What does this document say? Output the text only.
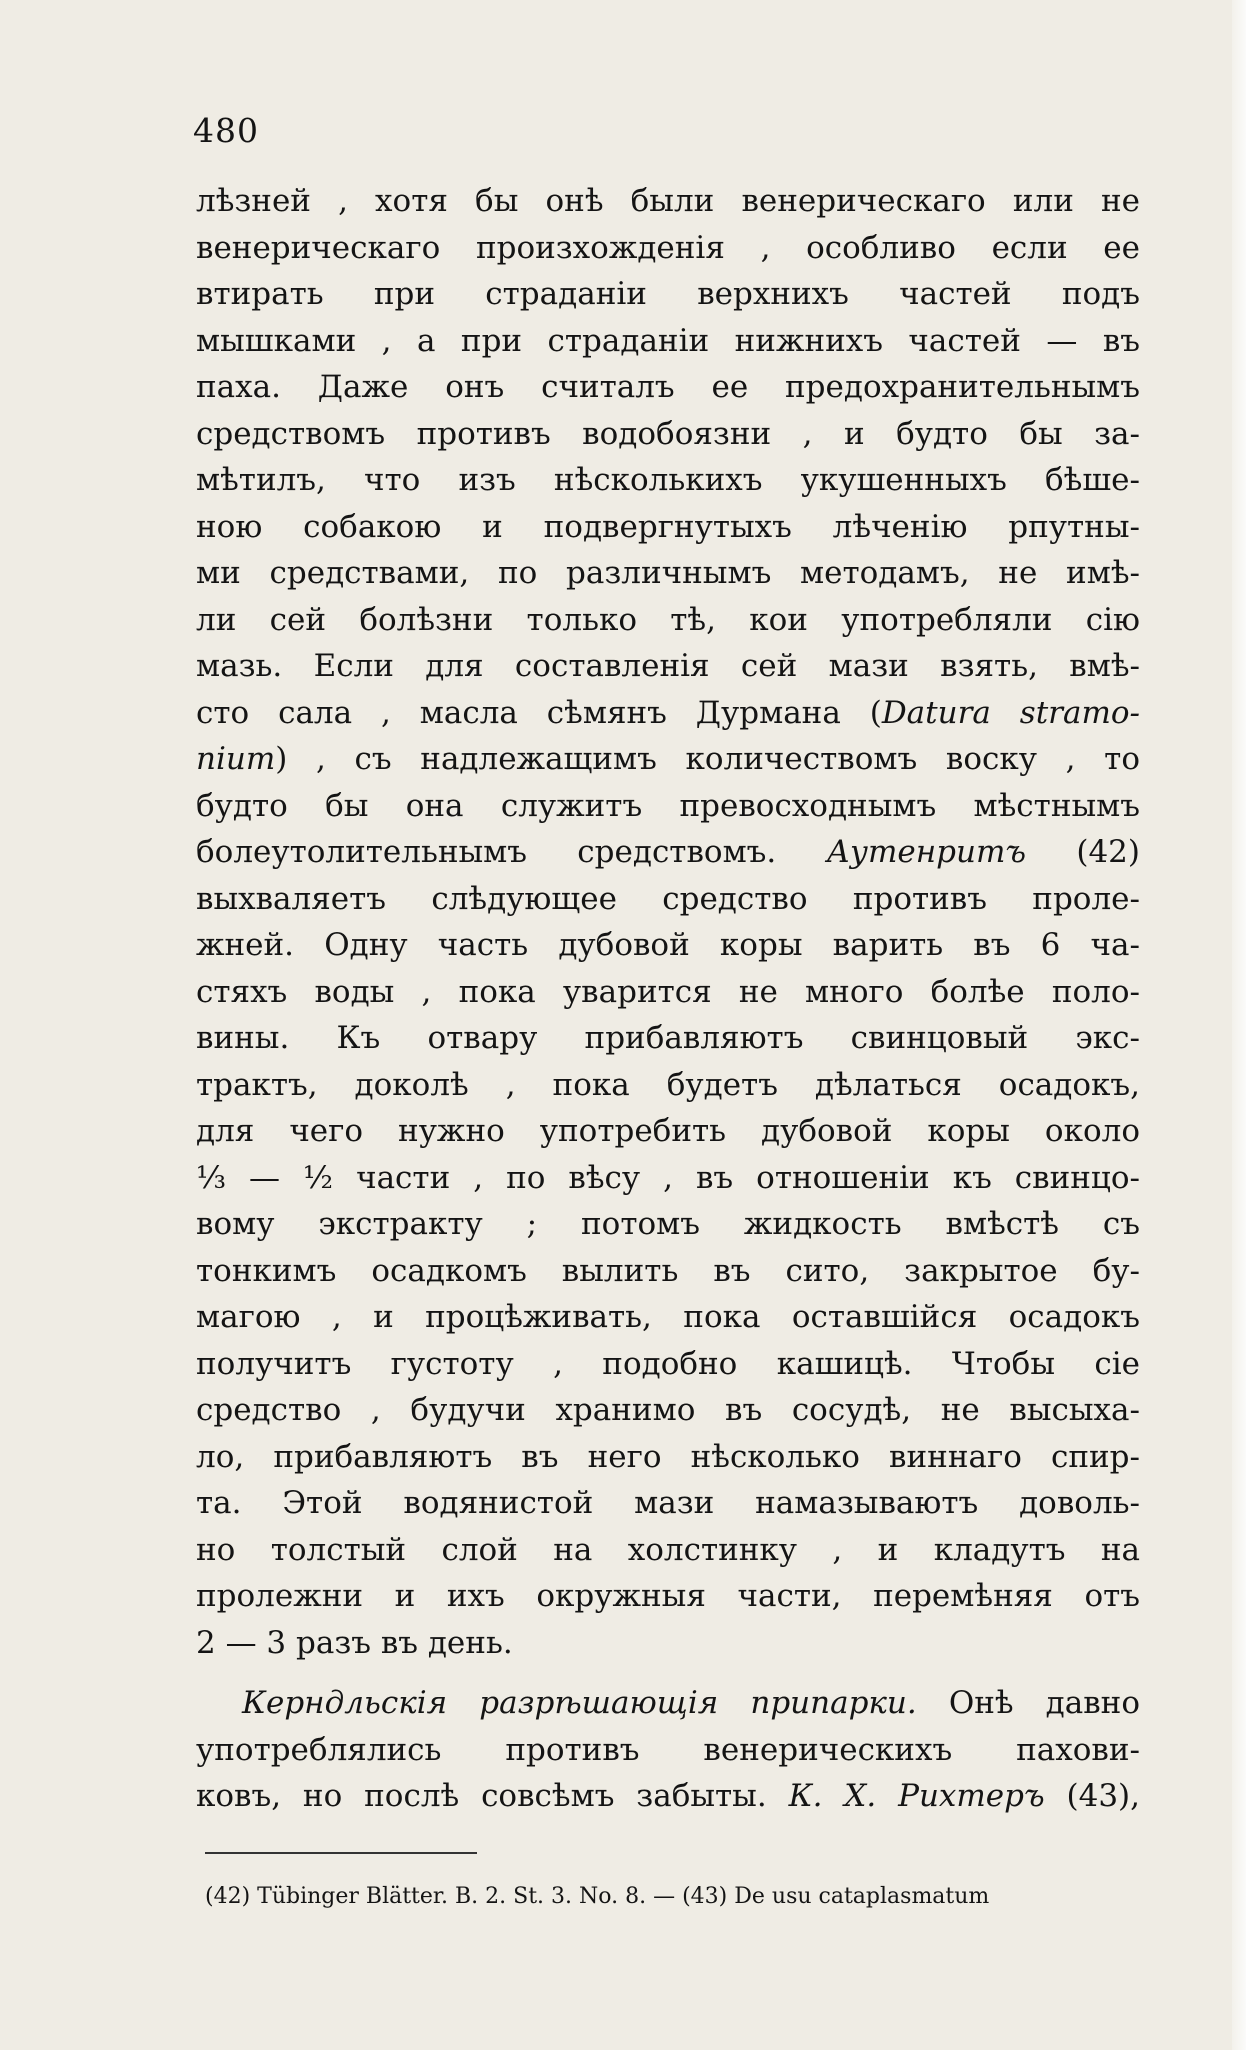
480
лѣзней , хотя бы онѣ были венерическаго или не
венерическаго произхожденія , особливо если ее
втирать при страданіи верхнихъ частей подъ
мышками , а при страданіи нижнихъ частей — въ
паха. Даже онъ считалъ ее предохранительнымъ
средствомъ противъ водобоязни , и будто бы за-
мѣтилъ, что изъ нѣсколькихъ укушенныхъ бѣше-
ною собакою и подвергнутыхъ лѣченію рпутны-
ми средствами, по различнымъ методамъ, не имѣ-
ли сей болѣзни только тѣ, кои употребляли сію
мазь. Если для составленія сей мази взять, вмѣ-
сто сала , масла сѣмянъ Дурмана (Datura stramo-
nium) , съ надлежащимъ количествомъ воску , то
будто бы она служитъ превосходнымъ мѣстнымъ
болеутолительнымъ средствомъ. Аутенритъ (42)
выхваляетъ слѣдующее средство противъ проле-
жней. Одну часть дубовой коры варить въ 6 ча-
стяхъ воды , пока уварится не много болѣе поло-
вины. Къ отвару прибавляютъ свинцовый экс-
трактъ, доколѣ , пока будетъ дѣлаться осадокъ,
для чего нужно употребить дубовой коры около
⅓ — ½ части , по вѣсу , въ отношеніи къ свинцо-
вому экстракту ; потомъ жидкость вмѣстѣ съ
тонкимъ осадкомъ вылить въ сито, закрытое бу-
магою , и процѣживать, пока оставшійся осадокъ
получитъ густоту , подобно кашицѣ. Чтобы сіе
средство , будучи хранимо въ сосудѣ, не высыха-
ло, прибавляютъ въ него нѣсколько виннаго спир-
та. Этой водянистой мази намазываютъ доволь-
но толстый слой на холстинку , и кладутъ на
пролежни и ихъ окружныя части, перемѣняя отъ
2 — 3 разъ въ день.
Керндльскія разрѣшающія припарки. Онѣ давно
употреблялись противъ венерическихъ пахови-
ковъ, но послѣ совсѣмъ забыты. К. Х. Рихтеръ (43),
(42) Tübinger Blätter. B. 2. St. 3. No. 8. — (43) De usu cataplasmatum
